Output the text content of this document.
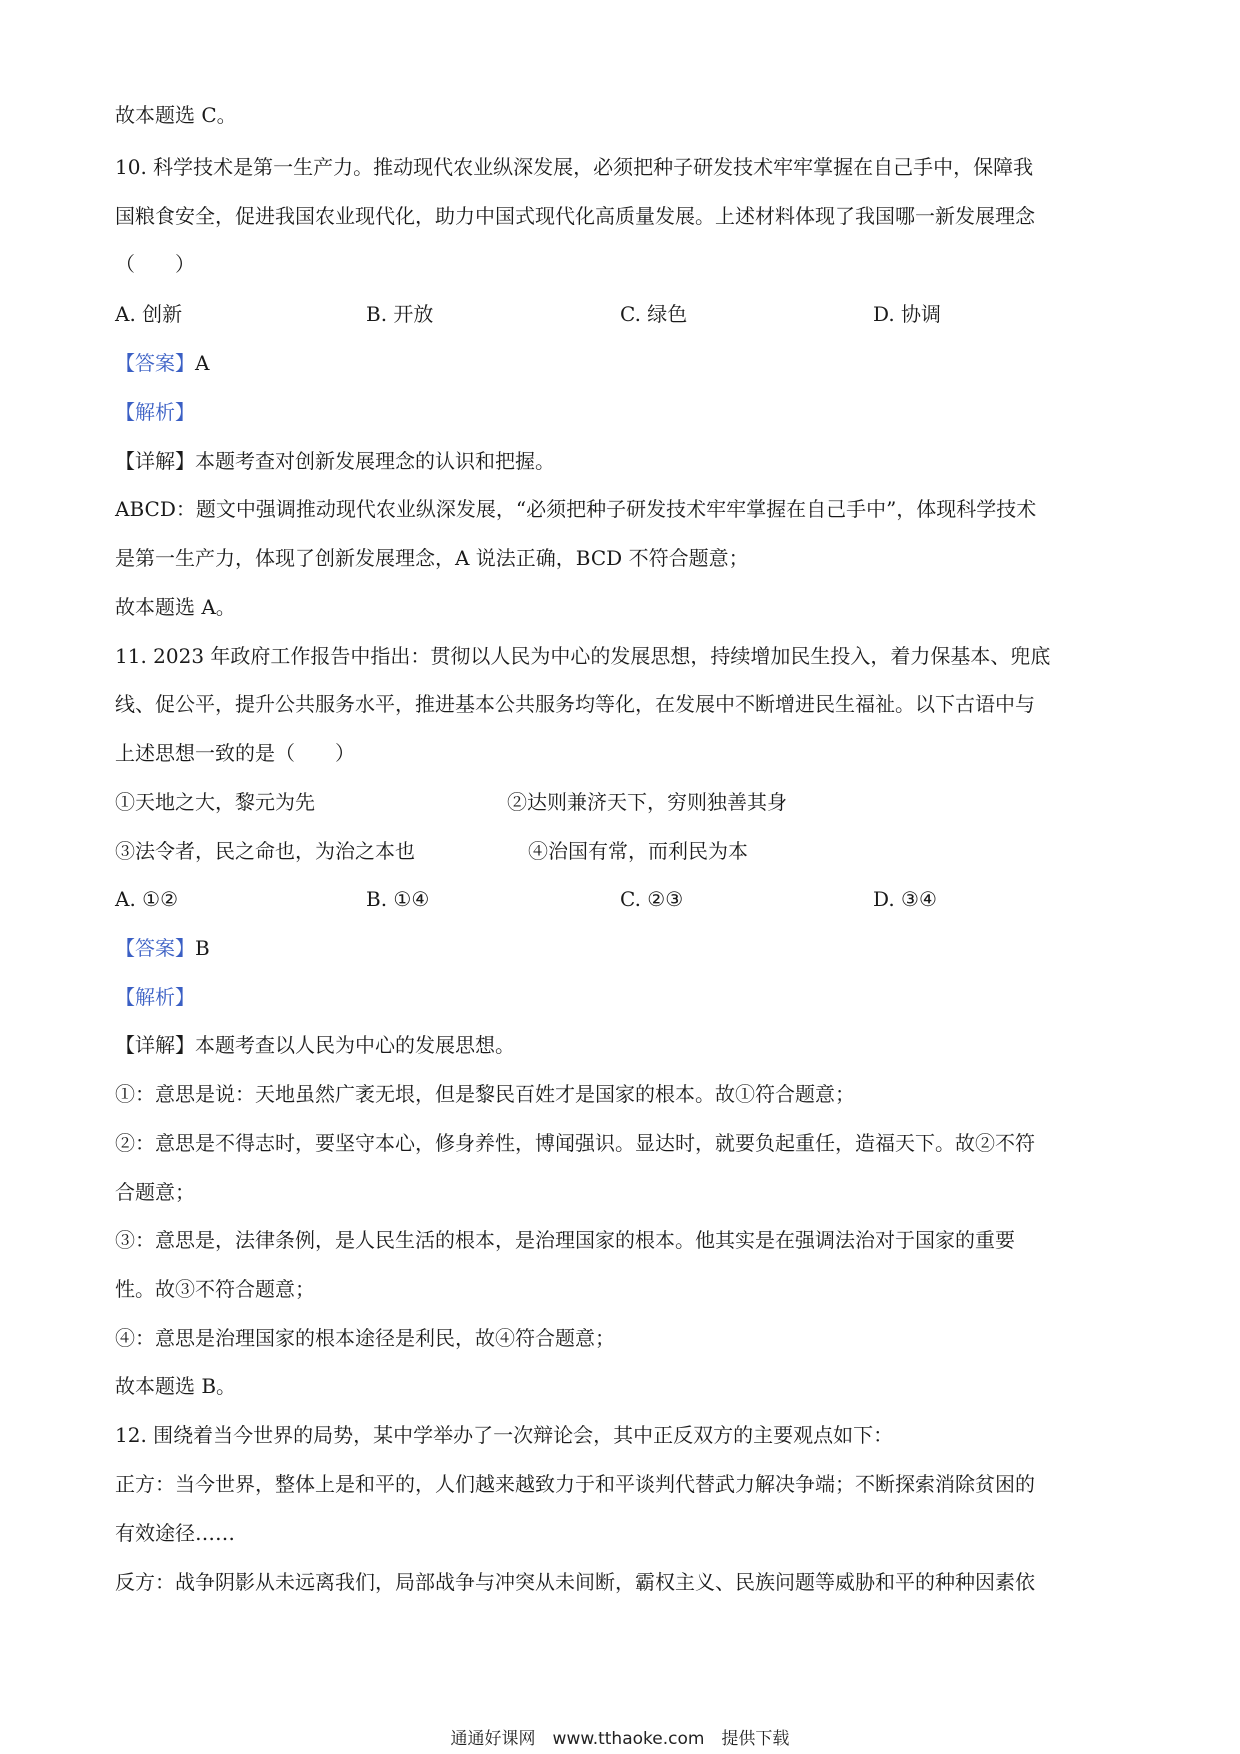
故本题选 C。
10. 科学技术是第一生产力。推动现代农业纵深发展，必须把种子研发技术牢牢掌握在自己手中，保障我
国粮食安全，促进我国农业现代化，助力中国式现代化高质量发展。上述材料体现了我国哪一新发展理念
（　　）
A. 创新	B. 开放	C. 绿色	D. 协调
【答案】A
【解析】
【详解】本题考查对创新发展理念的认识和把握。
ABCD：题文中强调推动现代农业纵深发展，“必须把种子研发技术牢牢掌握在自己手中”，体现科学技术
是第一生产力，体现了创新发展理念，A 说法正确，BCD 不符合题意；
故本题选 A。
11. 2023 年政府工作报告中指出：贯彻以人民为中心的发展思想，持续增加民生投入，着力保基本、兜底
线、促公平，提升公共服务水平，推进基本公共服务均等化，在发展中不断增进民生福祉。以下古语中与
上述思想一致的是（　　）
①天地之大，黎元为先	②达则兼济天下，穷则独善其身
③法令者，民之命也，为治之本也	④治国有常，而利民为本
A. ①②	B. ①④	C. ②③	D. ③④
【答案】B
【解析】
【详解】本题考查以人民为中心的发展思想。
①：意思是说：天地虽然广袤无垠，但是黎民百姓才是国家的根本。故①符合题意；
②：意思是不得志时，要坚守本心，修身养性，博闻强识。显达时，就要负起重任，造福天下。故②不符
合题意；
③：意思是，法律条例，是人民生活的根本，是治理国家的根本。他其实是在强调法治对于国家的重要
性。故③不符合题意；
④：意思是治理国家的根本途径是利民，故④符合题意；
故本题选 B。
12. 围绕着当今世界的局势，某中学举办了一次辩论会，其中正反双方的主要观点如下：
正方：当今世界，整体上是和平的，人们越来越致力于和平谈判代替武力解决争端；不断探索消除贫困的
有效途径……
反方：战争阴影从未远离我们，局部战争与冲突从未间断，霸权主义、民族问题等威胁和平的种种因素依
通通好课网　www.tthaoke.com　提供下载
